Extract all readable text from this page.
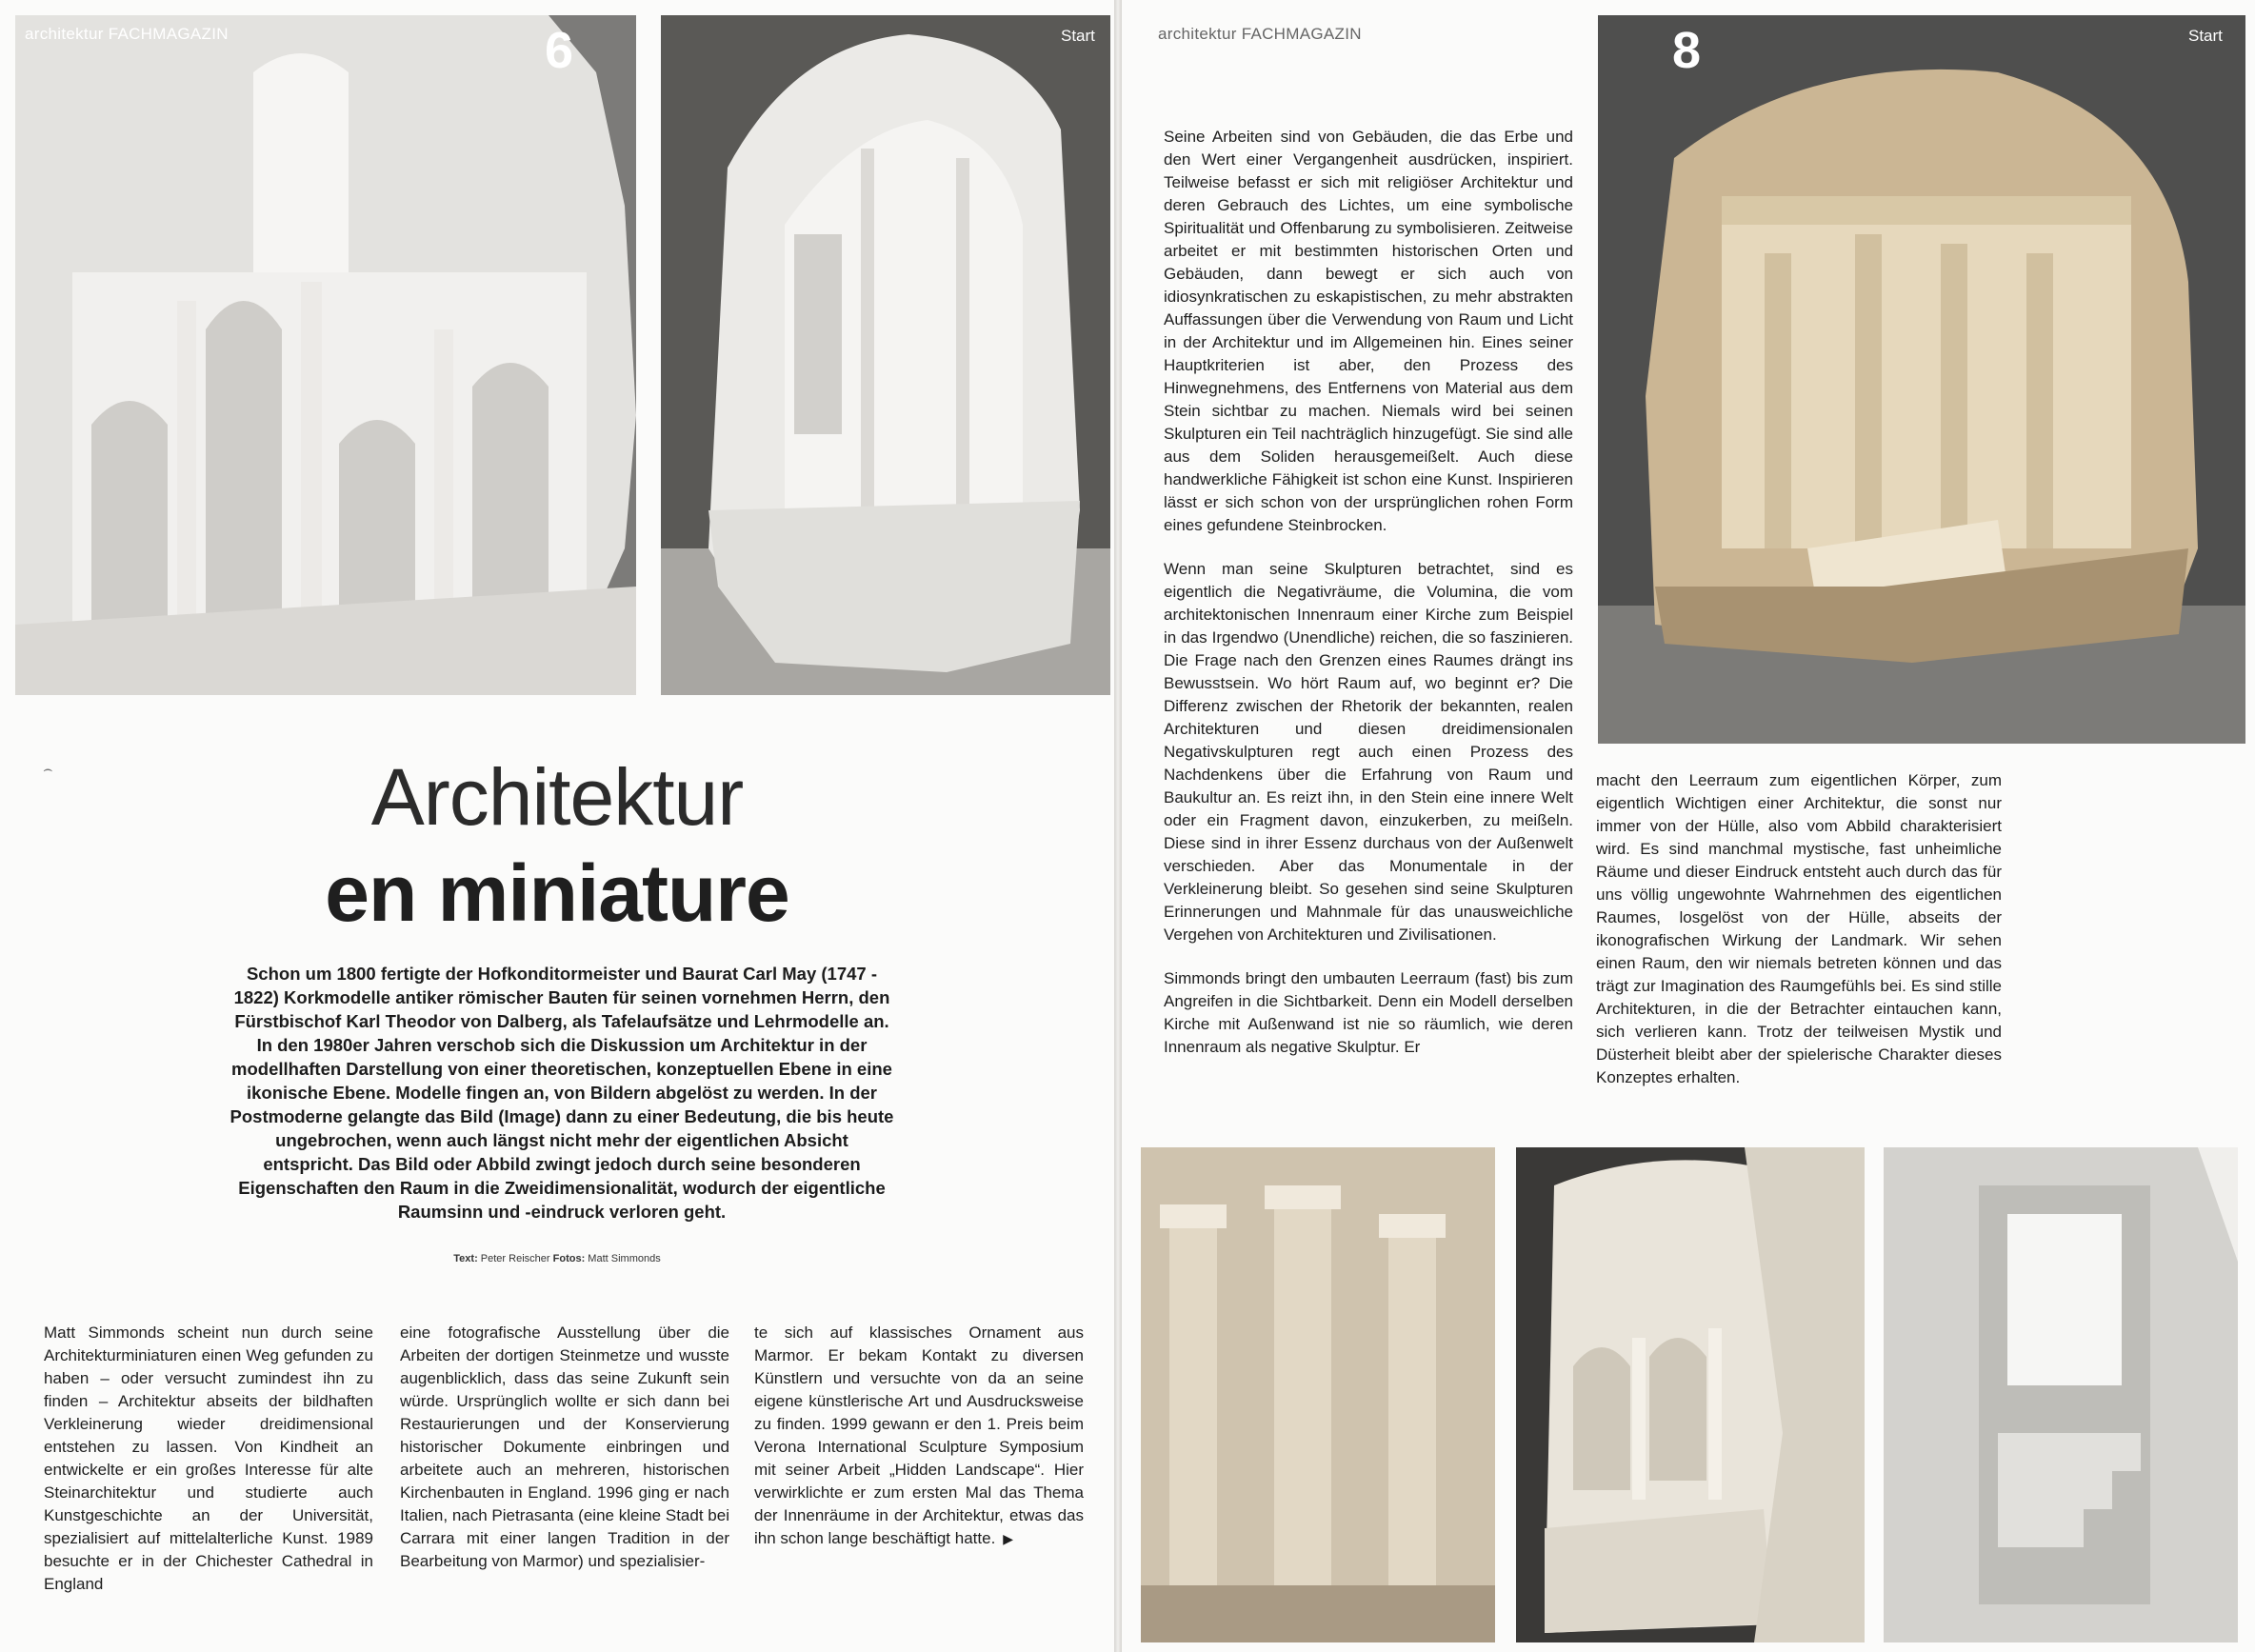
architektur FACHMAGAZIN	6	Start
⌢	Architektur
en miniature
Schon um 1800 fertigte der Hofkonditormeister und Baurat Carl May (1747 - 1822) Korkmodelle antiker römischer Bauten für seinen vornehmen Herrn, den Fürstbischof Karl Theodor von Dalberg, als Tafelaufsätze und Lehrmodelle an. In den 1980er Jahren verschob sich die Diskussion um Architektur in der modellhaften Darstellung von einer theoretischen, konzeptuellen Ebene in eine ikonische Ebene. Modelle fingen an, von Bildern abgelöst zu werden. In der Postmoderne gelangte das Bild (Image) dann zu einer Bedeutung, die bis heute ungebrochen, wenn auch längst nicht mehr der eigentlichen Absicht entspricht. Das Bild oder Abbild zwingt jedoch durch seine besonderen Eigenschaften den Raum in die Zweidimensionalität, wodurch der eigentliche Raumsinn und -eindruck verloren geht.
Text: Peter Reischer Fotos: Matt Simmonds

Matt Simmonds scheint nun durch seine Architekturminiaturen einen Weg gefunden zu haben – oder versucht zumindest ihn zu finden – Architektur abseits der bildhaften Verkleinerung wieder dreidimensional entstehen zu lassen. Von Kindheit an entwickelte er ein großes Interesse für alte Steinarchitektur und studierte auch Kunstgeschichte an der Universität, spezialisiert auf mittelalterliche Kunst. 1989 besuchte er in der Chichester Cathedral in England

eine fotografische Ausstellung über die Arbeiten der dortigen Steinmetze und wusste augenblicklich, dass das seine Zukunft sein würde. Ursprünglich wollte er sich dann bei Restaurierungen und der Konservierung historischer Dokumente einbringen und arbeitete auch an mehreren, historischen Kirchenbauten in England. 1996 ging er nach Italien, nach Pietrasanta (eine kleine Stadt bei Carrara mit einer langen Tradition in der Bearbeitung von Marmor) und spezialisier-

te sich auf klassisches Ornament aus Marmor. Er bekam Kontakt zu diversen Künstlern und versuchte von da an seine eigene künstlerische Art und Ausdrucksweise zu finden. 1999 gewann er den 1. Preis beim Verona International Sculpture Symposium mit seiner Arbeit „Hidden Landscape“. Hier verwirklichte er zum ersten Mal das Thema der Innenräume in der Architektur, etwas das ihn schon lange beschäftigt hatte. ▶

architektur FACHMAGAZIN	8	Start

Seine Arbeiten sind von Gebäuden, die das Erbe und den Wert einer Vergangenheit ausdrücken, inspiriert. Teilweise befasst er sich mit religiöser Architektur und deren Gebrauch des Lichtes, um eine symbolische Spiritualität und Offenbarung zu symbolisieren. Zeitweise arbeitet er mit bestimmten historischen Orten und Gebäuden, dann bewegt er sich auch von idiosynkratischen zu eskapistischen, zu mehr abstrakten Auffassungen über die Verwendung von Raum und Licht in der Architektur und im Allgemeinen hin. Eines seiner Hauptkriterien ist aber, den Prozess des Hinwegnehmens, des Entfernens von Material aus dem Stein sichtbar zu machen. Niemals wird bei seinen Skulpturen ein Teil nachträglich hinzugefügt. Sie sind alle aus dem Soliden herausgemeißelt. Auch diese handwerkliche Fähigkeit ist schon eine Kunst. Inspirieren lässt er sich schon von der ursprünglichen rohen Form eines gefundene Steinbrocken.

Wenn man seine Skulpturen betrachtet, sind es eigentlich die Negativräume, die Volumina, die vom architektonischen Innenraum einer Kirche zum Beispiel in das Irgendwo (Unendliche) reichen, die so faszinieren. Die Frage nach den Grenzen eines Raumes drängt ins Bewusstsein. Wo hört Raum auf, wo beginnt er? Die Differenz zwischen der Rhetorik der bekannten, realen Architekturen und diesen dreidimensionalen Negativskulpturen regt auch einen Prozess des Nachdenkens über die Erfahrung von Raum und Baukultur an. Es reizt ihn, in den Stein eine innere Welt oder ein Fragment davon, einzukerben, zu meißeln. Diese sind in ihrer Essenz durchaus von der Außenwelt verschieden. Aber das Monumentale in der Verkleinerung bleibt. So gesehen sind seine Skulpturen Erinnerungen und Mahnmale für das unausweichliche Vergehen von Architekturen und Zivilisationen.

Simmonds bringt den umbauten Leerraum (fast) bis zum Angreifen in die Sichtbarkeit. Denn ein Modell derselben Kirche mit Außenwand ist nie so räumlich, wie deren Innenraum als negative Skulptur. Er

macht den Leerraum zum eigentlichen Körper, zum eigentlich Wichtigen einer Architektur, die sonst nur immer von der Hülle, also vom Abbild charakterisiert wird. Es sind manchmal mystische, fast unheimliche Räume und dieser Eindruck entsteht auch durch das für uns völlig ungewohnte Wahrnehmen des eigentlichen Raumes, losgelöst von der Hülle, abseits der ikonografischen Wirkung der Landmark. Wir sehen einen Raum, den wir niemals betreten können und das trägt zur Imagination des Raumgefühls bei. Es sind stille Architekturen, in die der Betrachter eintauchen kann, sich verlieren kann. Trotz der teilweisen Mystik und Düsterheit bleibt aber der spielerische Charakter dieses Konzeptes erhalten.
